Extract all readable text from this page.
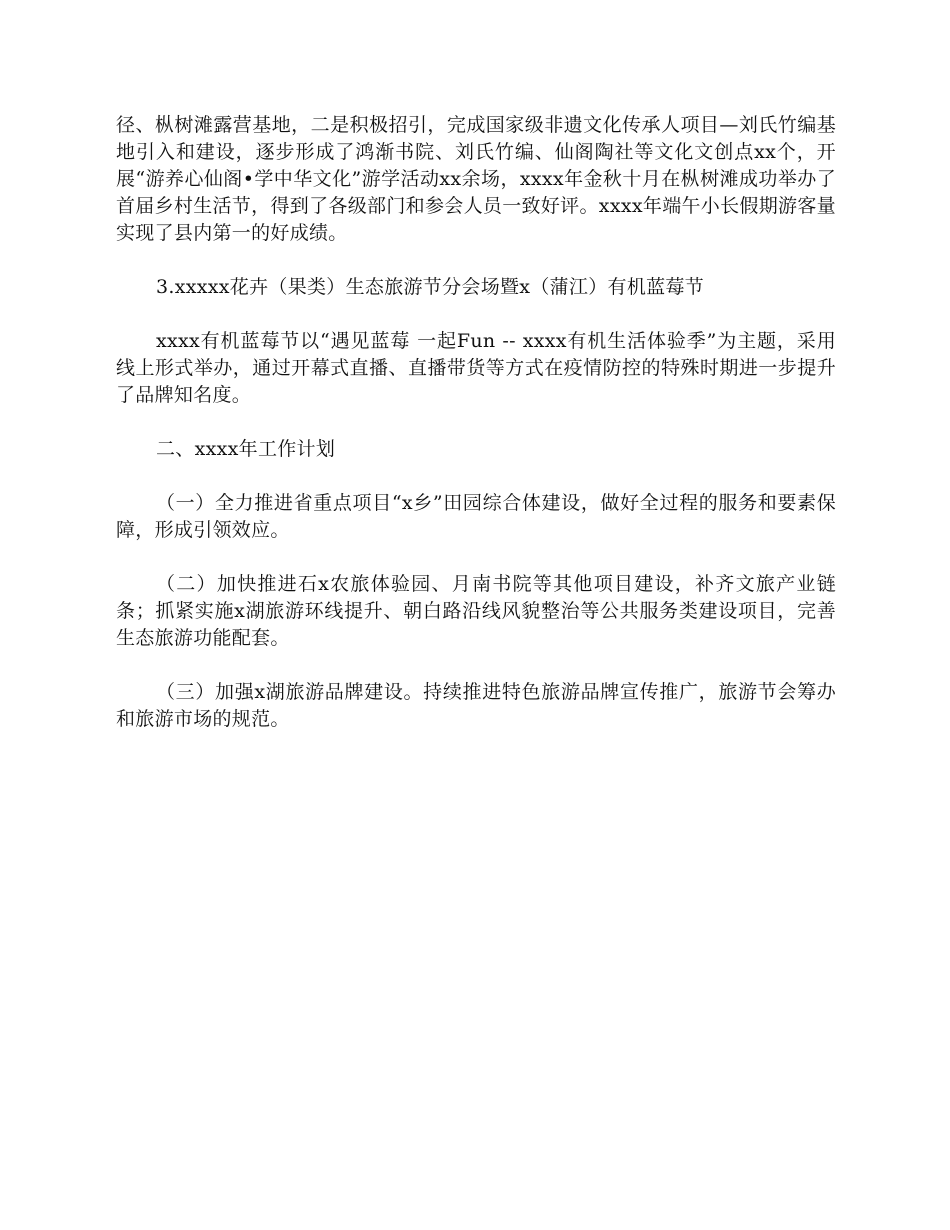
径、枞树滩露营基地，二是积极招引，完成国家级非遗文化传承人项目—刘氏竹编基地引入和建设，逐步形成了鸿渐书院、刘氏竹编、仙阁陶社等文化文创点xx个，开展“游养心仙阁•学中华文化”游学活动xx余场，xxxx年金秋十月在枞树滩成功举办了首届乡村生活节，得到了各级部门和参会人员一致好评。xxxx年端午小长假期游客量实现了县内第一的好成绩。

3.xxxxx花卉（果类）生态旅游节分会场暨x（蒲江）有机蓝莓节

xxxx有机蓝莓节以“遇见蓝莓 一起Fun -- xxxx有机生活体验季”为主题，采用线上形式举办，通过开幕式直播、直播带货等方式在疫情防控的特殊时期进一步提升了品牌知名度。

二、xxxx年工作计划

（一）全力推进省重点项目“x乡”田园综合体建设，做好全过程的服务和要素保障，形成引领效应。

（二）加快推进石x农旅体验园、月南书院等其他项目建设，补齐文旅产业链条；抓紧实施x湖旅游环线提升、朝白路沿线风貌整治等公共服务类建设项目，完善生态旅游功能配套。

（三）加强x湖旅游品牌建设。持续推进特色旅游品牌宣传推广，旅游节会筹办和旅游市场的规范。
